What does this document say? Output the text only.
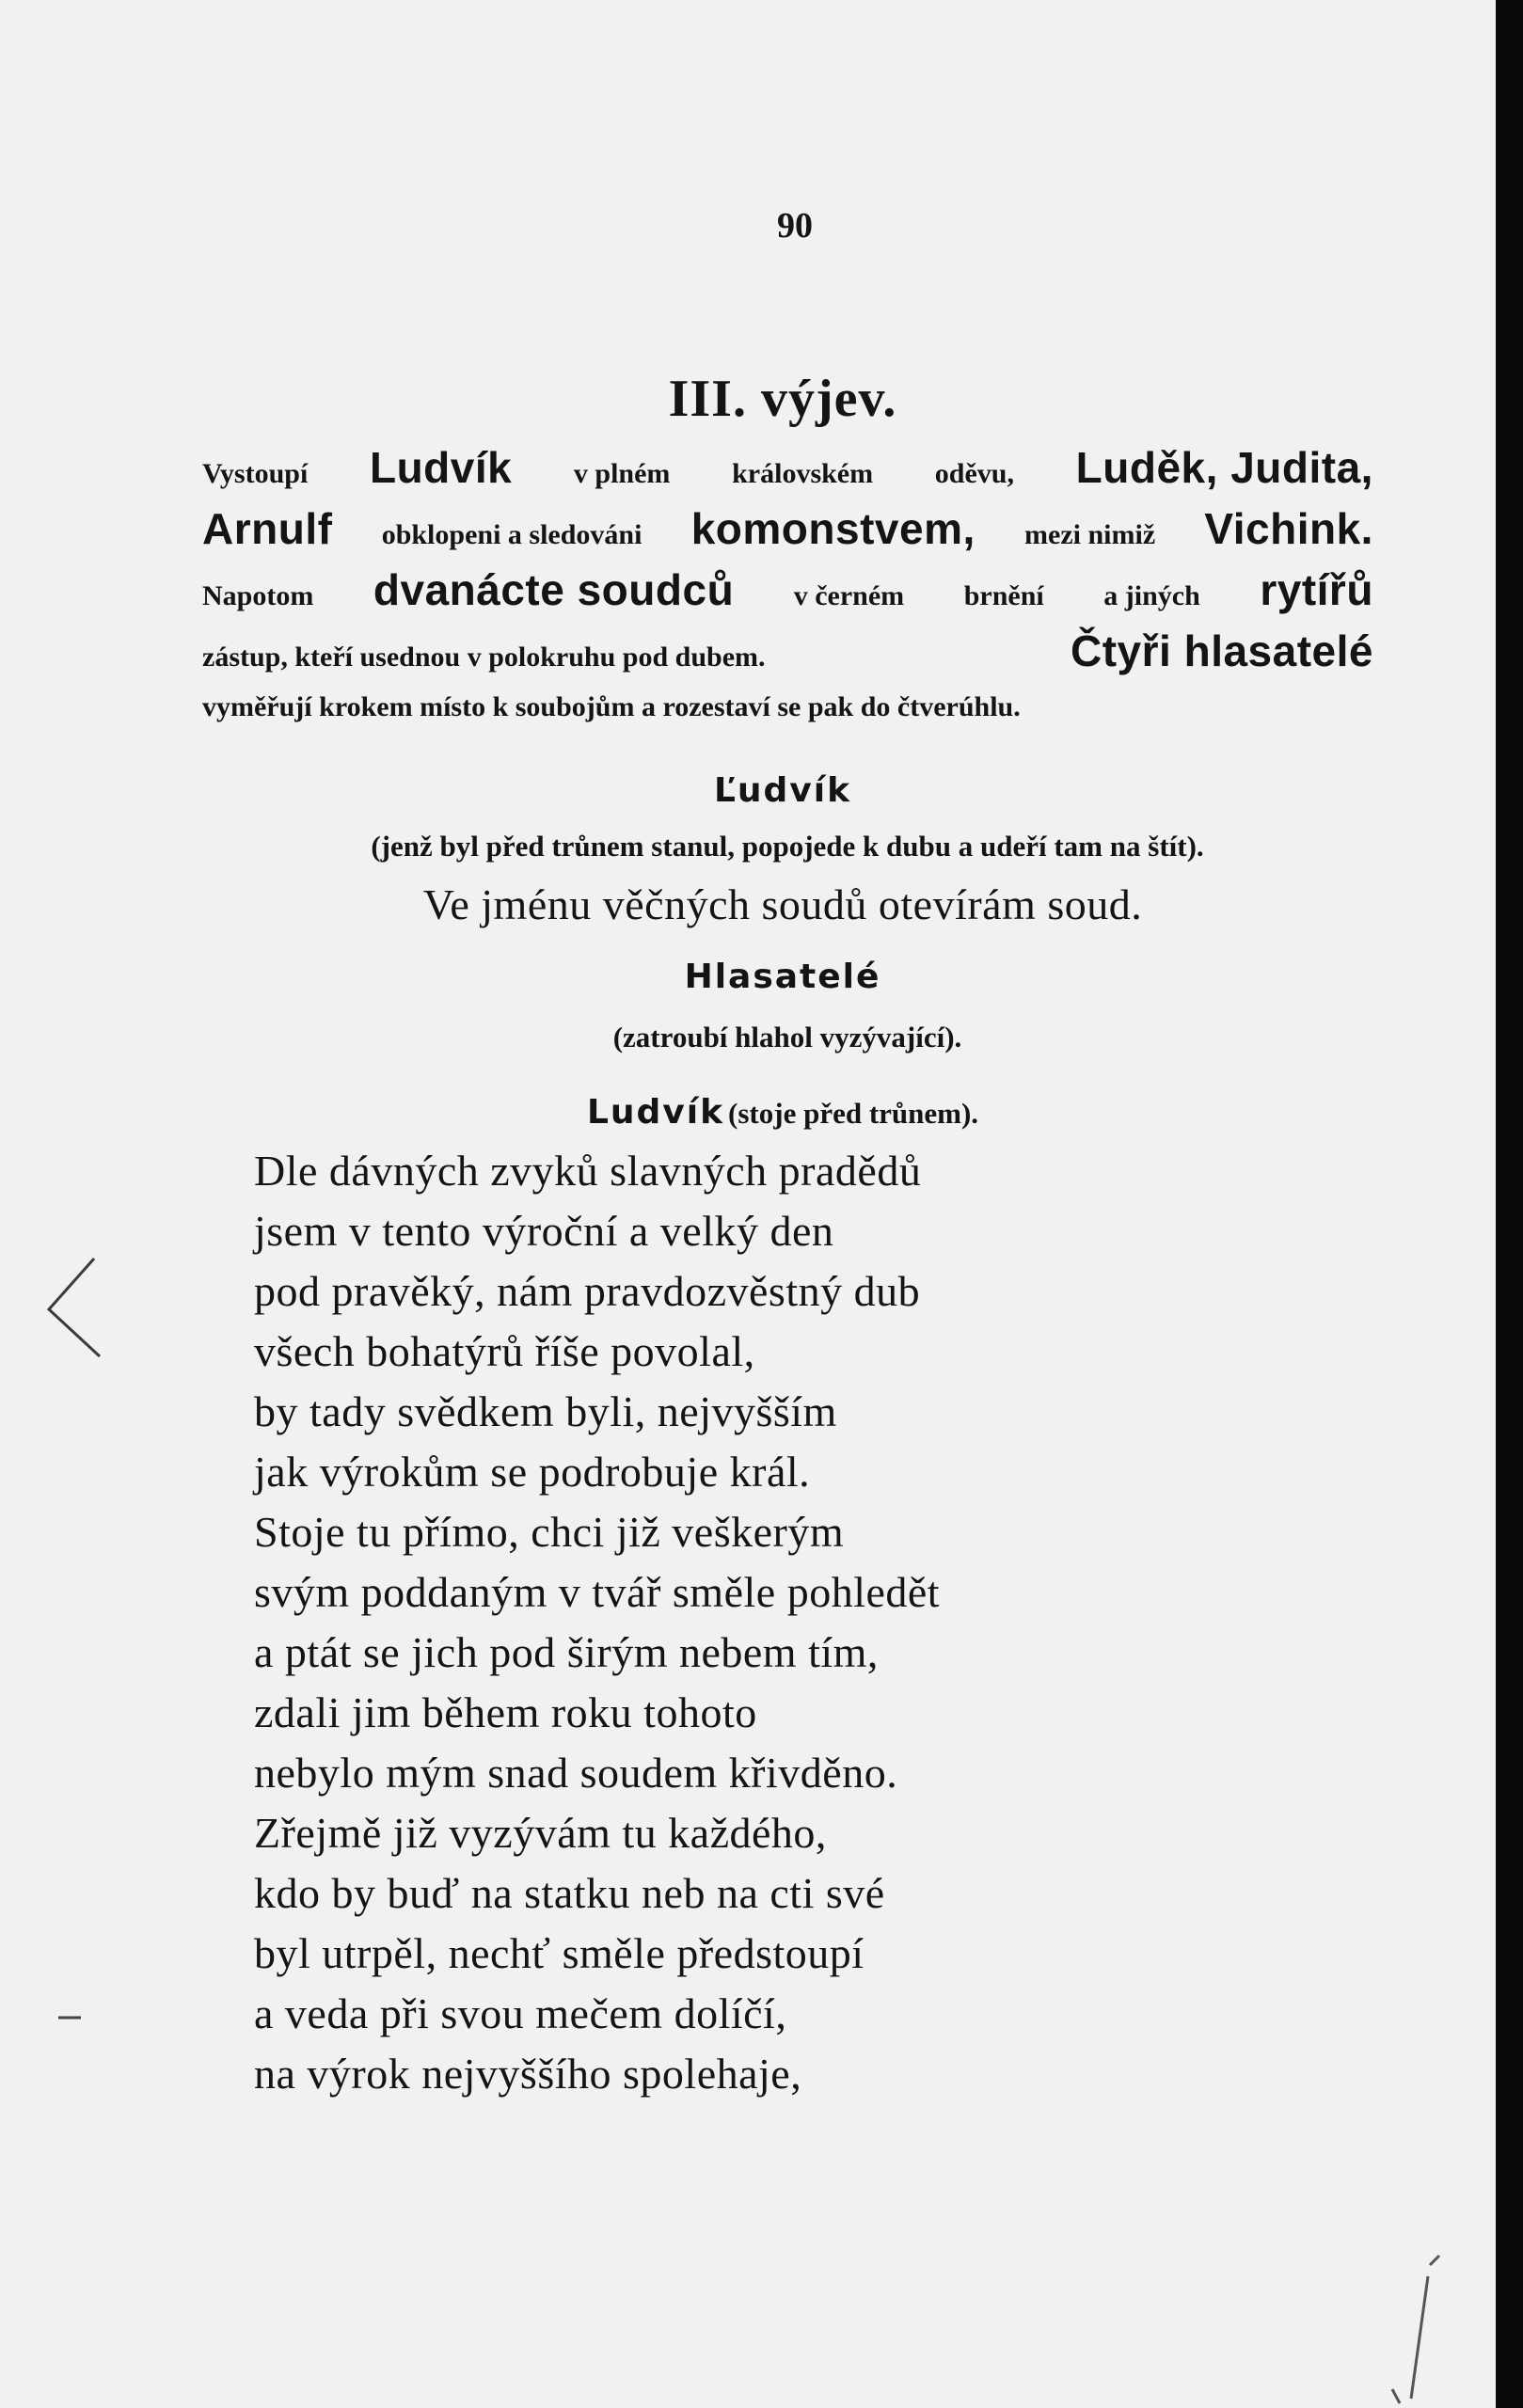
90
III. výjev.
Vystoupí Ludvík v plném královském oděvu, Luděk, Judita,
Arnulf obklopeni a sledováni komonstvem, mezi nimiž Vichink.
Napotom dvanácte soudců v černém brnění a jiných rytířů
zástup, kteří usednou v polokruhu pod dubem.	Čtyři hlasatelé
vyměřují krokem místo k soubojům a rozestaví se pak do čtverúhlu.
Ľudvík
(jenž byl před trůnem stanul, popojede k dubu a udeří tam na štít).
Ve jménu věčných soudů otevírám soud.
Hlasatelé
(zatroubí hlahol vyzývající).
Ludvík (stoje před trůnem).
Dle dávných zvyků slavných pradědů
jsem v tento výroční a velký den
pod pravěký, nám pravdozvěstný dub
všech bohatýrů říše povolal,
by tady svědkem byli, nejvyšším
jak výrokům se podrobuje král.
Stoje tu přímo, chci již veškerým
svým poddaným v tvář směle pohledět
a ptát se jich pod širým nebem tím,
zdali jim během roku tohoto
nebylo mým snad soudem křivděno.
Zřejmě již vyzývám tu každého,
kdo by buď na statku neb na cti své
byl utrpěl, nechť směle předstoupí
a veda při svou mečem dolíčí,
na výrok nejvyššího spolehaje,
